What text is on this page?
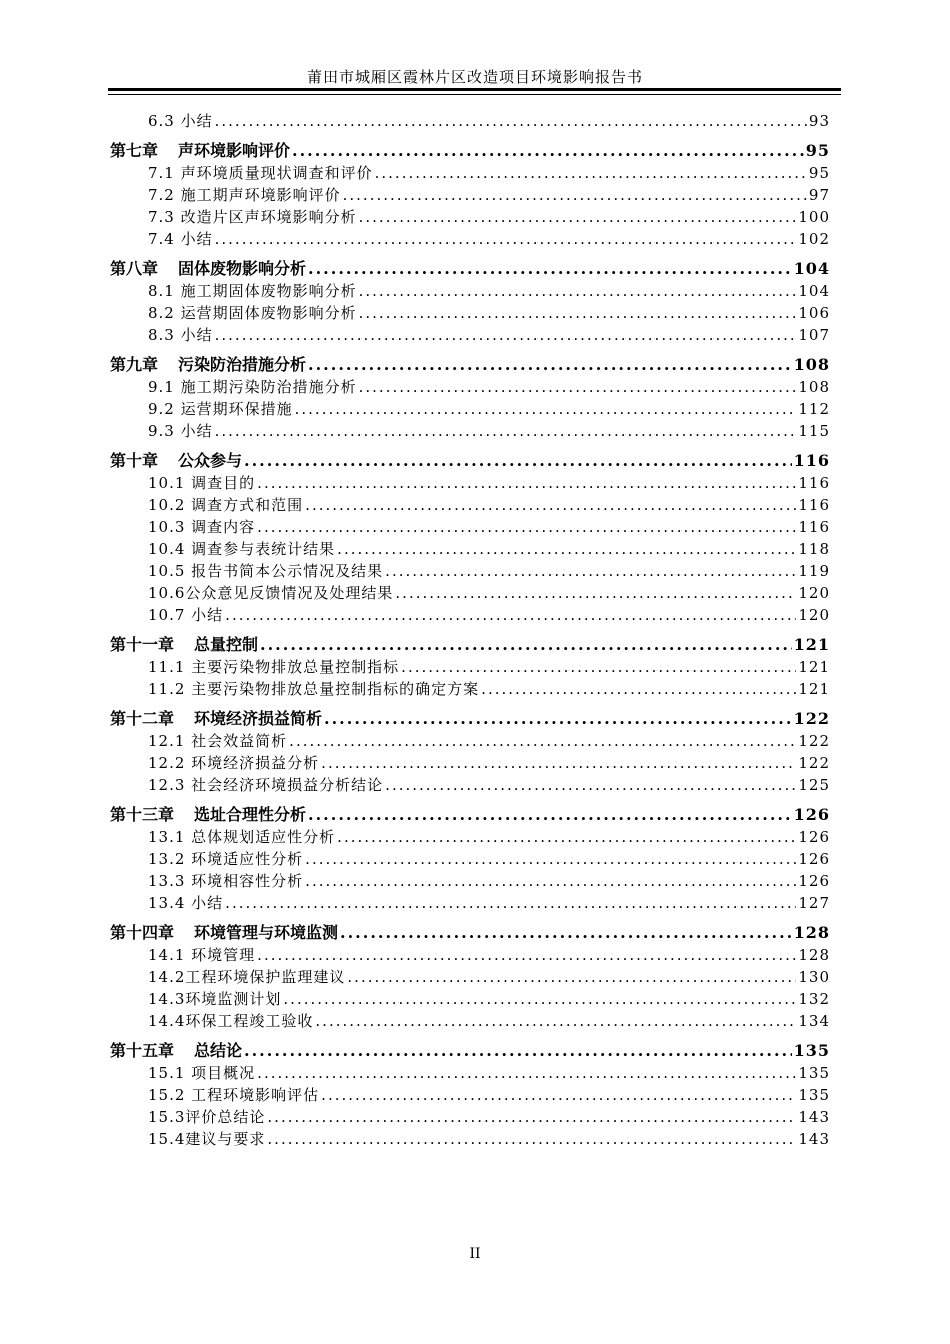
莆田市城厢区霞林片区改造项目环境影响报告书
6.3 小结 .....	93
第七章 声环境影响评价 .....	95
7.1 声环境质量现状调查和评价 .....	95
7.2 施工期声环境影响评价 .....	97
7.3 改造片区声环境影响分析 .....	100
7.4 小结 .....	102
第八章 固体废物影响分析 .....	104
8.1 施工期固体废物影响分析 .....	104
8.2 运营期固体废物影响分析 .....	106
8.3 小结 .....	107
第九章 污染防治措施分析 .....	108
9.1 施工期污染防治措施分析 .....	108
9.2 运营期环保措施 .....	112
9.3 小结 .....	115
第十章 公众参与 .....	116
10.1 调查目的 .....	116
10.2 调查方式和范围 .....	116
10.3 调查内容 .....	116
10.4 调查参与表统计结果 .....	118
10.5 报告书简本公示情况及结果 .....	119
10.6公众意见反馈情况及处理结果 .....	120
10.7 小结 .....	120
第十一章 总量控制 .....	121
11.1 主要污染物排放总量控制指标 .....	121
11.2 主要污染物排放总量控制指标的确定方案 .....	121
第十二章 环境经济损益简析 .....	122
12.1 社会效益简析 .....	122
12.2 环境经济损益分析 .....	122
12.3 社会经济环境损益分析结论 .....	125
第十三章 选址合理性分析 .....	126
13.1 总体规划适应性分析 .....	126
13.2 环境适应性分析 .....	126
13.3 环境相容性分析 .....	126
13.4 小结 .....	127
第十四章 环境管理与环境监测 .....	128
14.1 环境管理 .....	128
14.2工程环境保护监理建议 .....	130
14.3环境监测计划 .....	132
14.4环保工程竣工验收 .....	134
第十五章 总结论 .....	135
15.1 项目概况 .....	135
15.2 工程环境影响评估 .....	135
15.3评价总结论 .....	143
15.4建议与要求 .....	143
II
